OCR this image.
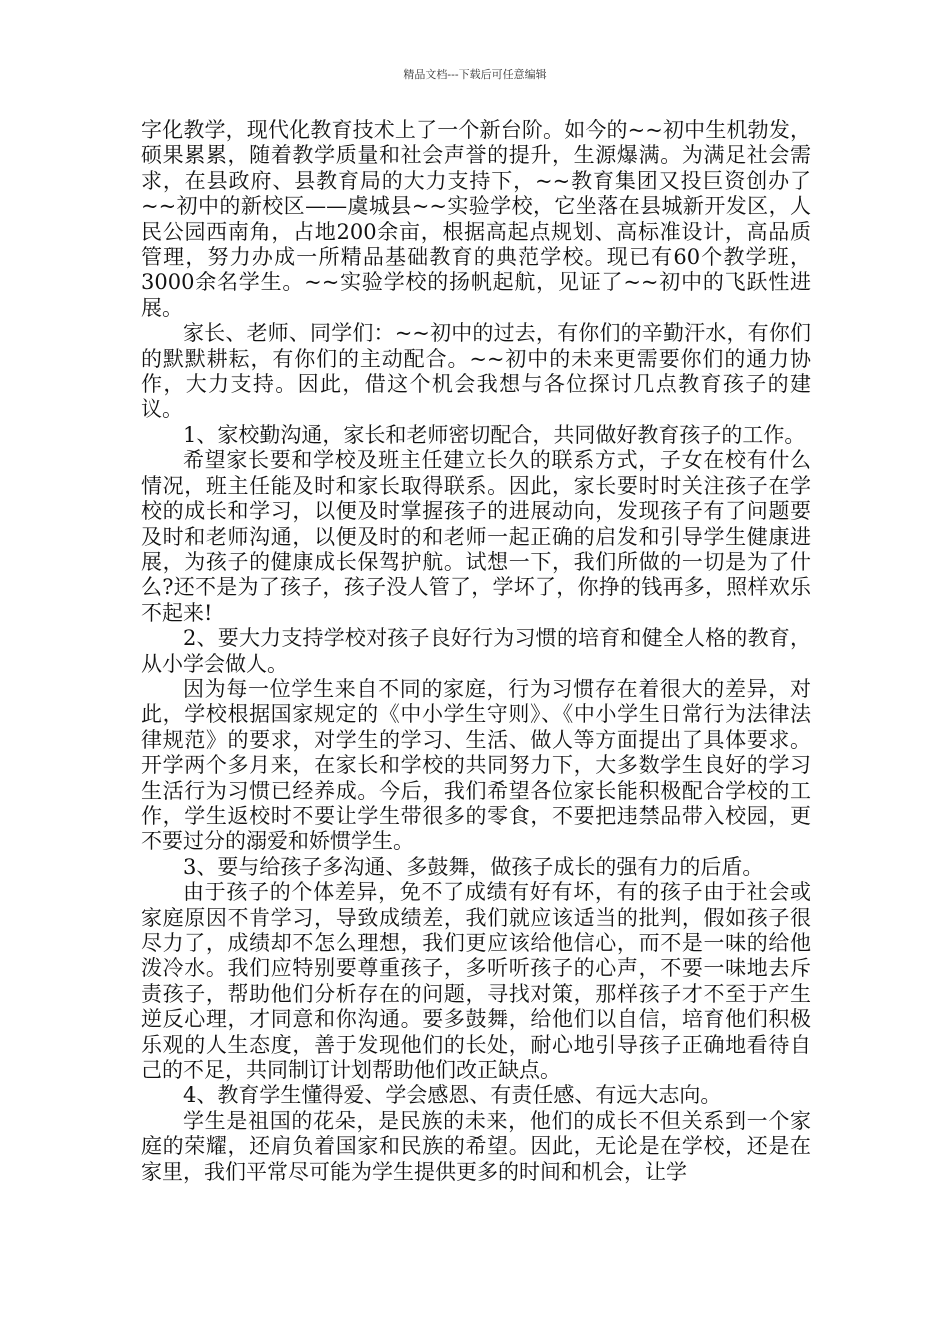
精品文档---下载后可任意编辑

字化教学，现代化教育技术上了一个新台阶。如今的~~初中生机勃发，硕果累累，随着教学质量和社会声誉的提升，生源爆满。为满足社会需求，在县政府、县教育局的大力支持下，~~教育集团又投巨资创办了~~初中的新校区——虞城县~~实验学校，它坐落在县城新开发区，人民公园西南角，占地200余亩，根据高起点规划、高标准设计，高品质管理，努力办成一所精品基础教育的典范学校。现已有60个教学班，3000余名学生。~~实验学校的扬帆起航，见证了~~初中的飞跃性进展。

家长、老师、同学们：~~初中的过去，有你们的辛勤汗水，有你们的默默耕耘，有你们的主动配合。~~初中的未来更需要你们的通力协作，大力支持。因此，借这个机会我想与各位探讨几点教育孩子的建议。

1、家校勤沟通，家长和老师密切配合，共同做好教育孩子的工作。

希望家长要和学校及班主任建立长久的联系方式，子女在校有什么情况，班主任能及时和家长取得联系。因此，家长要时时关注孩子在学校的成长和学习，以便及时掌握孩子的进展动向，发现孩子有了问题要及时和老师沟通，以便及时的和老师一起正确的启发和引导学生健康进展，为孩子的健康成长保驾护航。试想一下，我们所做的一切是为了什么?还不是为了孩子，孩子没人管了，学坏了，你挣的钱再多，照样欢乐不起来!

2、要大力支持学校对孩子良好行为习惯的培育和健全人格的教育，从小学会做人。

因为每一位学生来自不同的家庭，行为习惯存在着很大的差异，对此，学校根据国家规定的《中小学生守则》、《中小学生日常行为法律法律规范》的要求，对学生的学习、生活、做人等方面提出了具体要求。开学两个多月来，在家长和学校的共同努力下，大多数学生良好的学习生活行为习惯已经养成。今后，我们希望各位家长能积极配合学校的工作，学生返校时不要让学生带很多的零食，不要把违禁品带入校园，更不要过分的溺爱和娇惯学生。

3、要与给孩子多沟通、多鼓舞，做孩子成长的强有力的后盾。

由于孩子的个体差异，免不了成绩有好有坏，有的孩子由于社会或家庭原因不肯学习，导致成绩差，我们就应该适当的批判，假如孩子很尽力了，成绩却不怎么理想，我们更应该给他信心，而不是一味的给他泼冷水。我们应特别要尊重孩子，多听听孩子的心声，不要一味地去斥责孩子，帮助他们分析存在的问题，寻找对策，那样孩子才不至于产生逆反心理，才同意和你沟通。要多鼓舞，给他们以自信，培育他们积极乐观的人生态度，善于发现他们的长处，耐心地引导孩子正确地看待自己的不足，共同制订计划帮助他们改正缺点。

4、教育学生懂得爱、学会感恩、有责任感、有远大志向。

学生是祖国的花朵，是民族的未来，他们的成长不但关系到一个家庭的荣耀，还肩负着国家和民族的希望。因此，无论是在学校，还是在家里，我们平常尽可能为学生提供更多的时间和机会，让学
